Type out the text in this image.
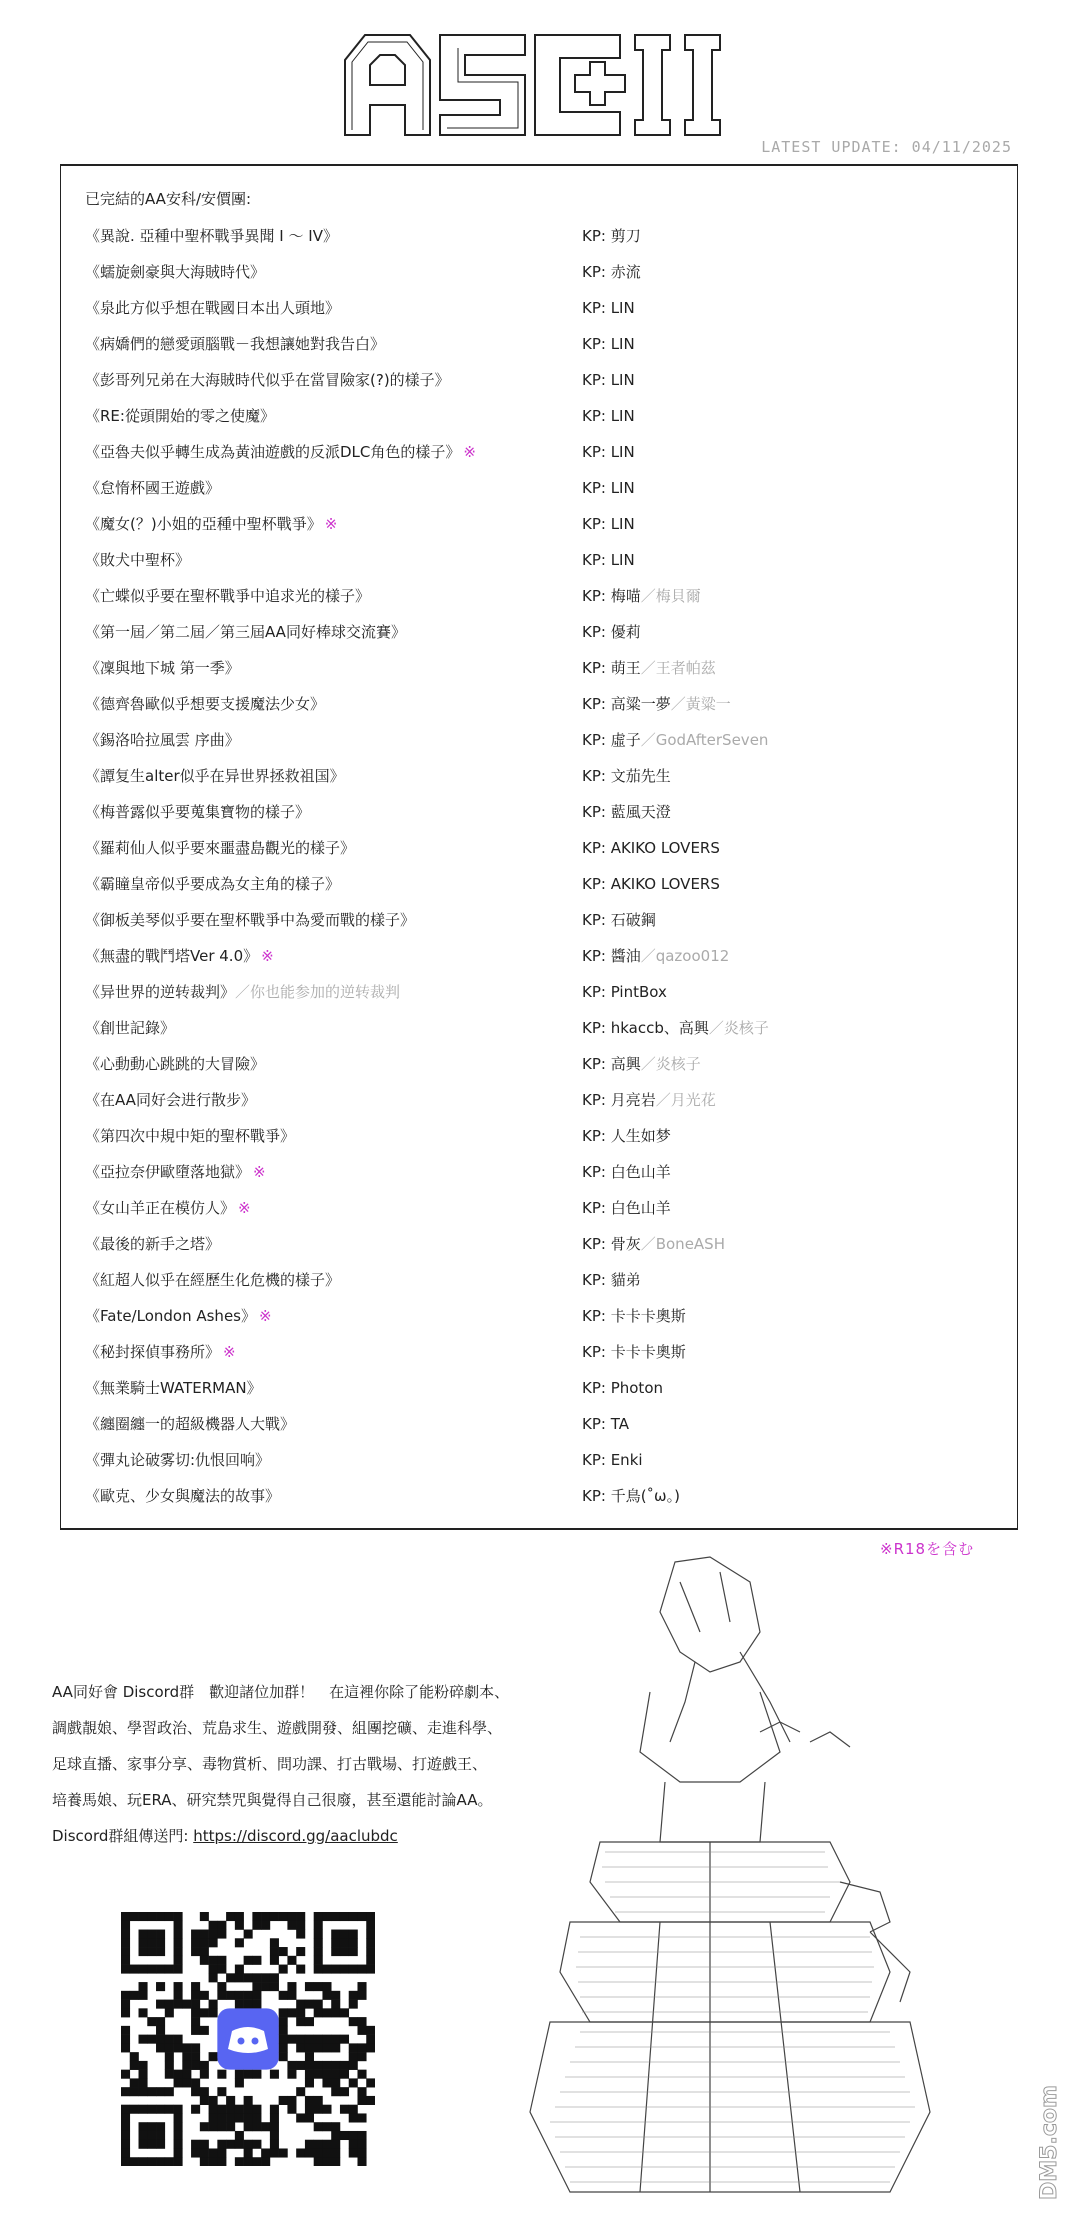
LATEST UPDATE: 04/11/2025
已完結的AA安科/安價團:
《異說. 亞種中聖杯戰爭異聞 I ～ IV》	KP: 剪刀
《蠕旋劍豪與大海賊時代》	KP: 赤流
《泉此方似乎想在戰國日本出人頭地》	KP: LIN
《病嬌們的戀愛頭腦戰－我想讓她對我告白》	KP: LIN
《彭哥列兄弟在大海賊時代似乎在當冒險家(?)的樣子》	KP: LIN
《RE:從頭開始的零之使魔》	KP: LIN
《亞魯夫似乎轉生成為黃油遊戲的反派DLC角色的樣子》 ※	KP: LIN
《怠惰杯國王遊戲》	KP: LIN
《魔女(？)小姐的亞種中聖杯戰爭》 ※	KP: LIN
《敗犬中聖杯》	KP: LIN
《亡蝶似乎要在聖杯戰爭中追求光的樣子》	KP: 梅喵／梅貝爾
《第一屆／第二屆／第三屆AA同好棒球交流賽》	KP: 優莉
《凜與地下城 第一季》	KP: 萌王／王者帕茲
《德齊魯歐似乎想要支援魔法少女》	KP: 高粱一夢／黃粱一
《錫洛哈拉風雲 序曲》	KP: 虛子／GodAfterSeven
《譚复生alter似乎在异世界拯救祖国》	KP: 文茄先生
《梅普露似乎要蒐集寶物的樣子》	KP: 藍風天澄
《羅莉仙人似乎要來噩盡島觀光的樣子》	KP: AKIKO LOVERS
《霸瞳皇帝似乎要成為女主角的樣子》	KP: AKIKO LOVERS
《御板美琴似乎要在聖杯戰爭中為愛而戰的樣子》	KP: 石破鋼
《無盡的戰鬥塔Ver 4.0》 ※	KP: 醬油／qazoo012
《异世界的逆转裁判》／你也能参加的逆转裁判	KP: PintBox
《創世記錄》	KP: hkaccb、高興／炎核子
《心動動心跳跳的大冒險》	KP: 高興／炎核子
《在AA同好会进行散步》	KP: 月亮岩／月光花
《第四次中規中矩的聖杯戰爭》	KP: 人生如梦
《亞拉奈伊歐墮落地獄》 ※	KP: 白色山羊
《女山羊正在模仿人》 ※	KP: 白色山羊
《最後的新手之塔》	KP: 骨灰／BoneASH
《紅超人似乎在經歷生化危機的樣子》	KP: 貓弟
《Fate/London Ashes》 ※	KP: 卡卡卡奧斯
《秘封探偵事務所》 ※	KP: 卡卡卡奧斯
《無業騎士WATERMAN》	KP: Photon
《纏圈纏一的超級機器人大戰》	KP: TA
《彈丸论破雾切:仇恨回响》	KP: Enki
《歐克、少女與魔法的故事》	KP: 千鳥(˚ω。)
※R18を含む
AA同好會 Discord群　歡迎諸位加群！　在這裡你除了能粉碎劇本、
調戲靚娘、學習政治、荒島求生、遊戲開發、組團挖礦、走進科學、
足球直播、家事分享、毒物賞析、問功課、打古戰場、打遊戲王、
培養馬娘、玩ERA、研究禁咒與覺得自己很廢，甚至還能討論AA。
Discord群組傳送門: https://discord.gg/aaclubdc
DM5.com
